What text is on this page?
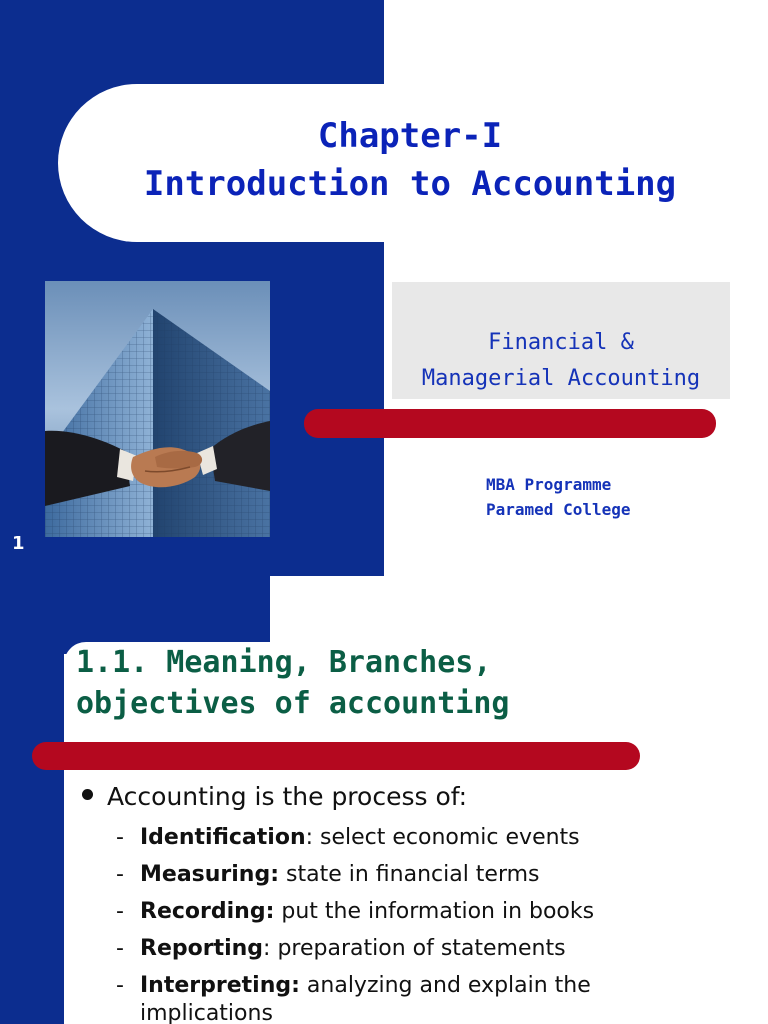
Chapter-I
Introduction to Accounting
Financial &
Managerial Accounting
MBA Programme
Paramed College
1
1.1. Meaning, Branches,
objectives of accounting
Accounting is the process of:
- Identification: select economic events
- Measuring: state in financial terms
- Recording: put the information in books
- Reporting: preparation of statements
- Interpreting: analyzing and explain the
implications
